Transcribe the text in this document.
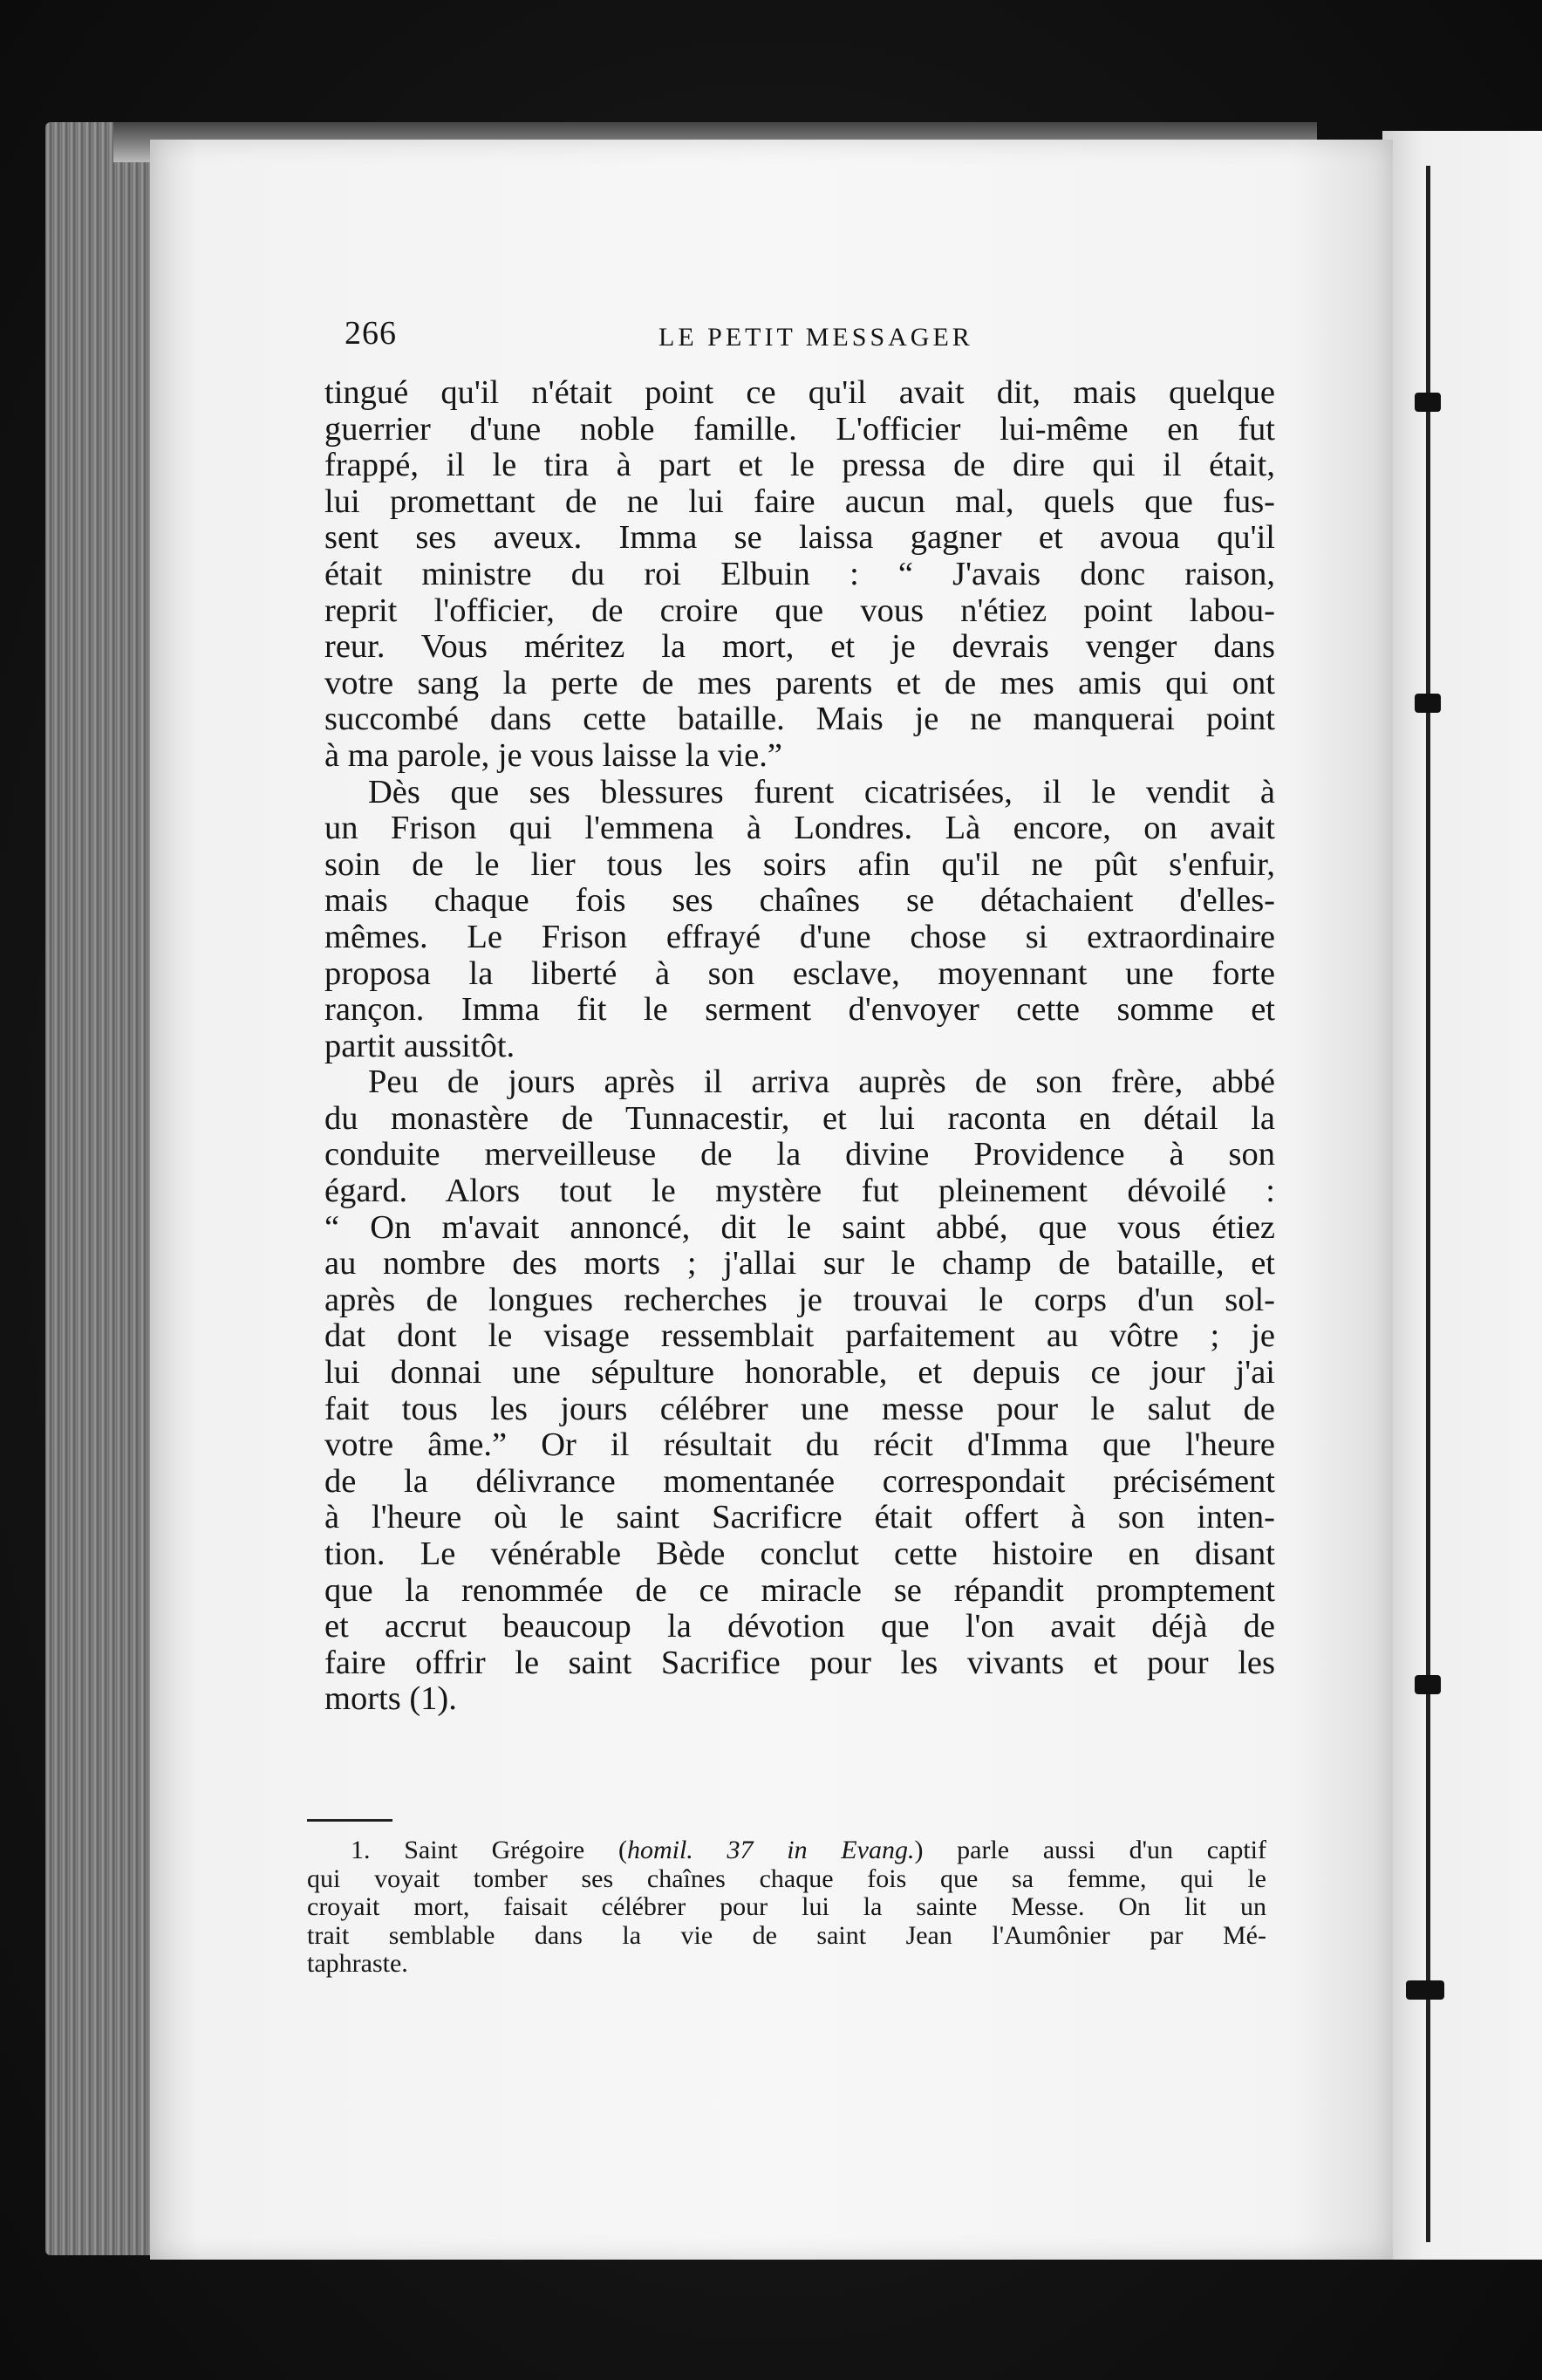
266	LE PETIT MESSAGER
tingué qu'il n'était point ce qu'il avait dit, mais quelque
guerrier d'une noble famille. L'officier lui-même en fut
frappé, il le tira à part et le pressa de dire qui il était,
lui promettant de ne lui faire aucun mal, quels que fus-
sent ses aveux. Imma se laissa gagner et avoua qu'il
était ministre du roi Elbuin : “ J'avais donc raison,
reprit l'officier, de croire que vous n'étiez point labou-
reur. Vous méritez la mort, et je devrais venger dans
votre sang la perte de mes parents et de mes amis qui ont
succombé dans cette bataille. Mais je ne manquerai point
à ma parole, je vous laisse la vie.”
Dès que ses blessures furent cicatrisées, il le vendit à
un Frison qui l'emmena à Londres. Là encore, on avait
soin de le lier tous les soirs afin qu'il ne pût s'enfuir,
mais chaque fois ses chaînes se détachaient d'elles-
mêmes. Le Frison effrayé d'une chose si extraordinaire
proposa la liberté à son esclave, moyennant une forte
rançon. Imma fit le serment d'envoyer cette somme et
partit aussitôt.
Peu de jours après il arriva auprès de son frère, abbé
du monastère de Tunnacestir, et lui raconta en détail la
conduite merveilleuse de la divine Providence à son
égard. Alors tout le mystère fut pleinement dévoilé :
“ On m'avait annoncé, dit le saint abbé, que vous étiez
au nombre des morts ; j'allai sur le champ de bataille, et
après de longues recherches je trouvai le corps d'un sol-
dat dont le visage ressemblait parfaitement au vôtre ; je
lui donnai une sépulture honorable, et depuis ce jour j'ai
fait tous les jours célébrer une messe pour le salut de
votre âme.” Or il résultait du récit d'Imma que l'heure
de la délivrance momentanée correspondait précisément
à l'heure où le saint Sacrificre était offert à son inten-
tion. Le vénérable Bède conclut cette histoire en disant
que la renommée de ce miracle se répandit promptement
et accrut beaucoup la dévotion que l'on avait déjà de
faire offrir le saint Sacrifice pour les vivants et pour les
morts (1).
1. Saint Grégoire (homil. 37 in Evang.) parle aussi d'un captif
qui voyait tomber ses chaînes chaque fois que sa femme, qui le
croyait mort, faisait célébrer pour lui la sainte Messe. On lit un
trait semblable dans la vie de saint Jean l'Aumônier par Mé-
taphraste.
